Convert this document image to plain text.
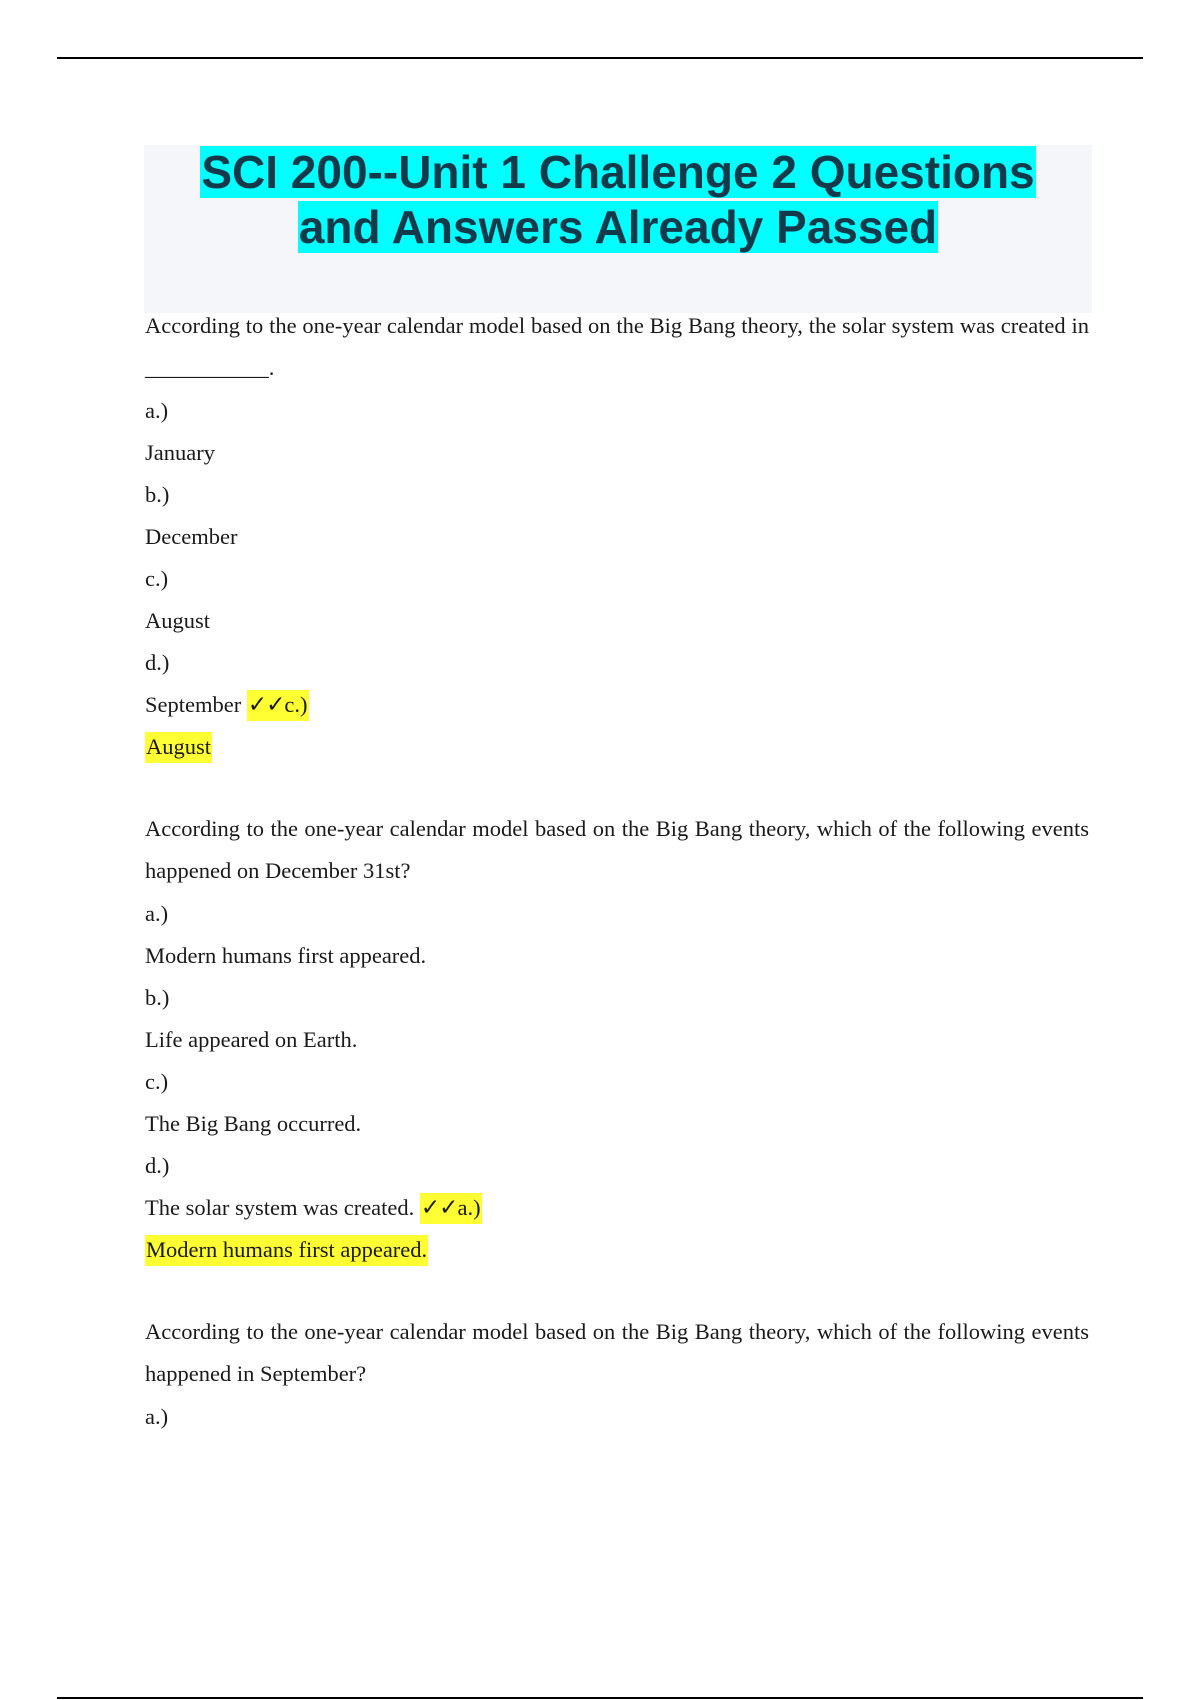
SCI 200--Unit 1 Challenge 2 Questions
and Answers Already Passed

According to the one-year calendar model based on the Big Bang theory, the solar system was created in ___________.

a.)

January

b.)

December

c.)

August

d.)

September ✓✓c.)

August

According to the one-year calendar model based on the Big Bang theory, which of the following events happened on December 31st?

a.)

Modern humans first appeared.

b.)

Life appeared on Earth.

c.)

The Big Bang occurred.

d.)

The solar system was created. ✓✓a.)

Modern humans first appeared.

According to the one-year calendar model based on the Big Bang theory, which of the following events happened in September?

a.)
